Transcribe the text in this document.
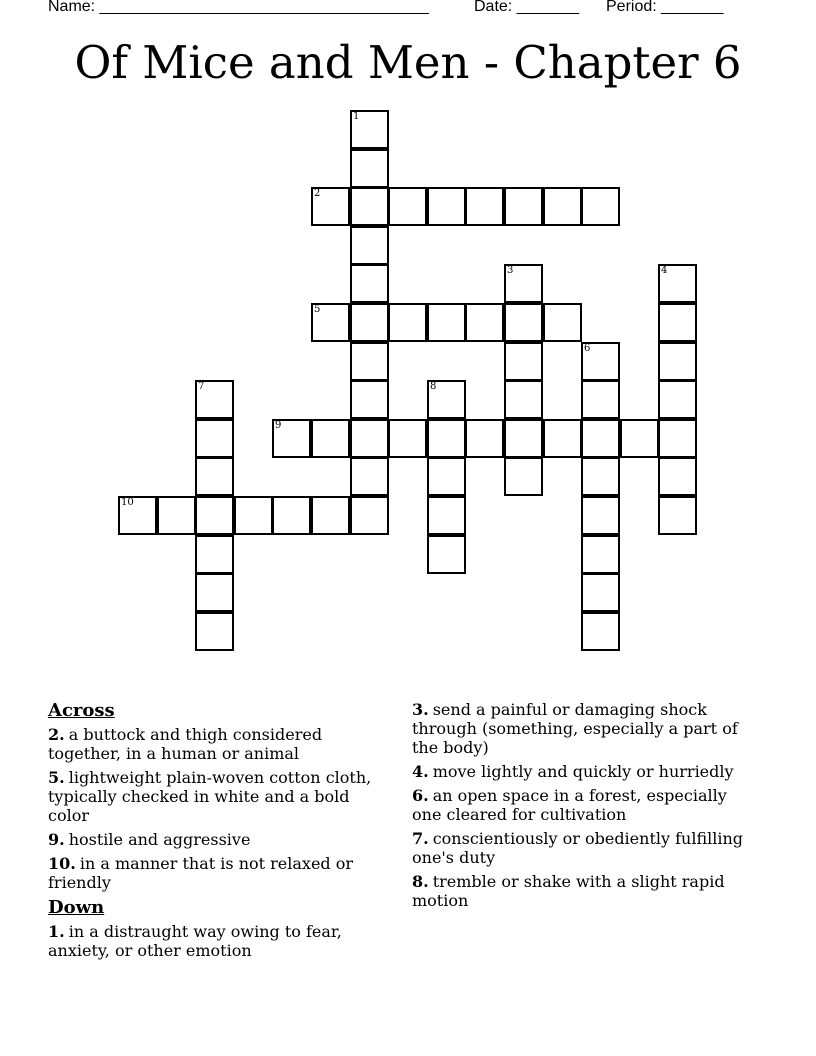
Name: _____________________________________	Date: _______ Period: _______
Of Mice and Men - Chapter 6
1
2
3	4
5
6
7	8
9
10
Across
2. a buttock and thigh considered together, in a human or animal
5. lightweight plain-woven cotton cloth, typically checked in white and a bold color
9. hostile and aggressive
10. in a manner that is not relaxed or friendly
Down
1. in a distraught way owing to fear, anxiety, or other emotion
3. send a painful or damaging shock through (something, especially a part of the body)
4. move lightly and quickly or hurriedly
6. an open space in a forest, especially one cleared for cultivation
7. conscientiously or obediently fulfilling one's duty
8. tremble or shake with a slight rapid motion
